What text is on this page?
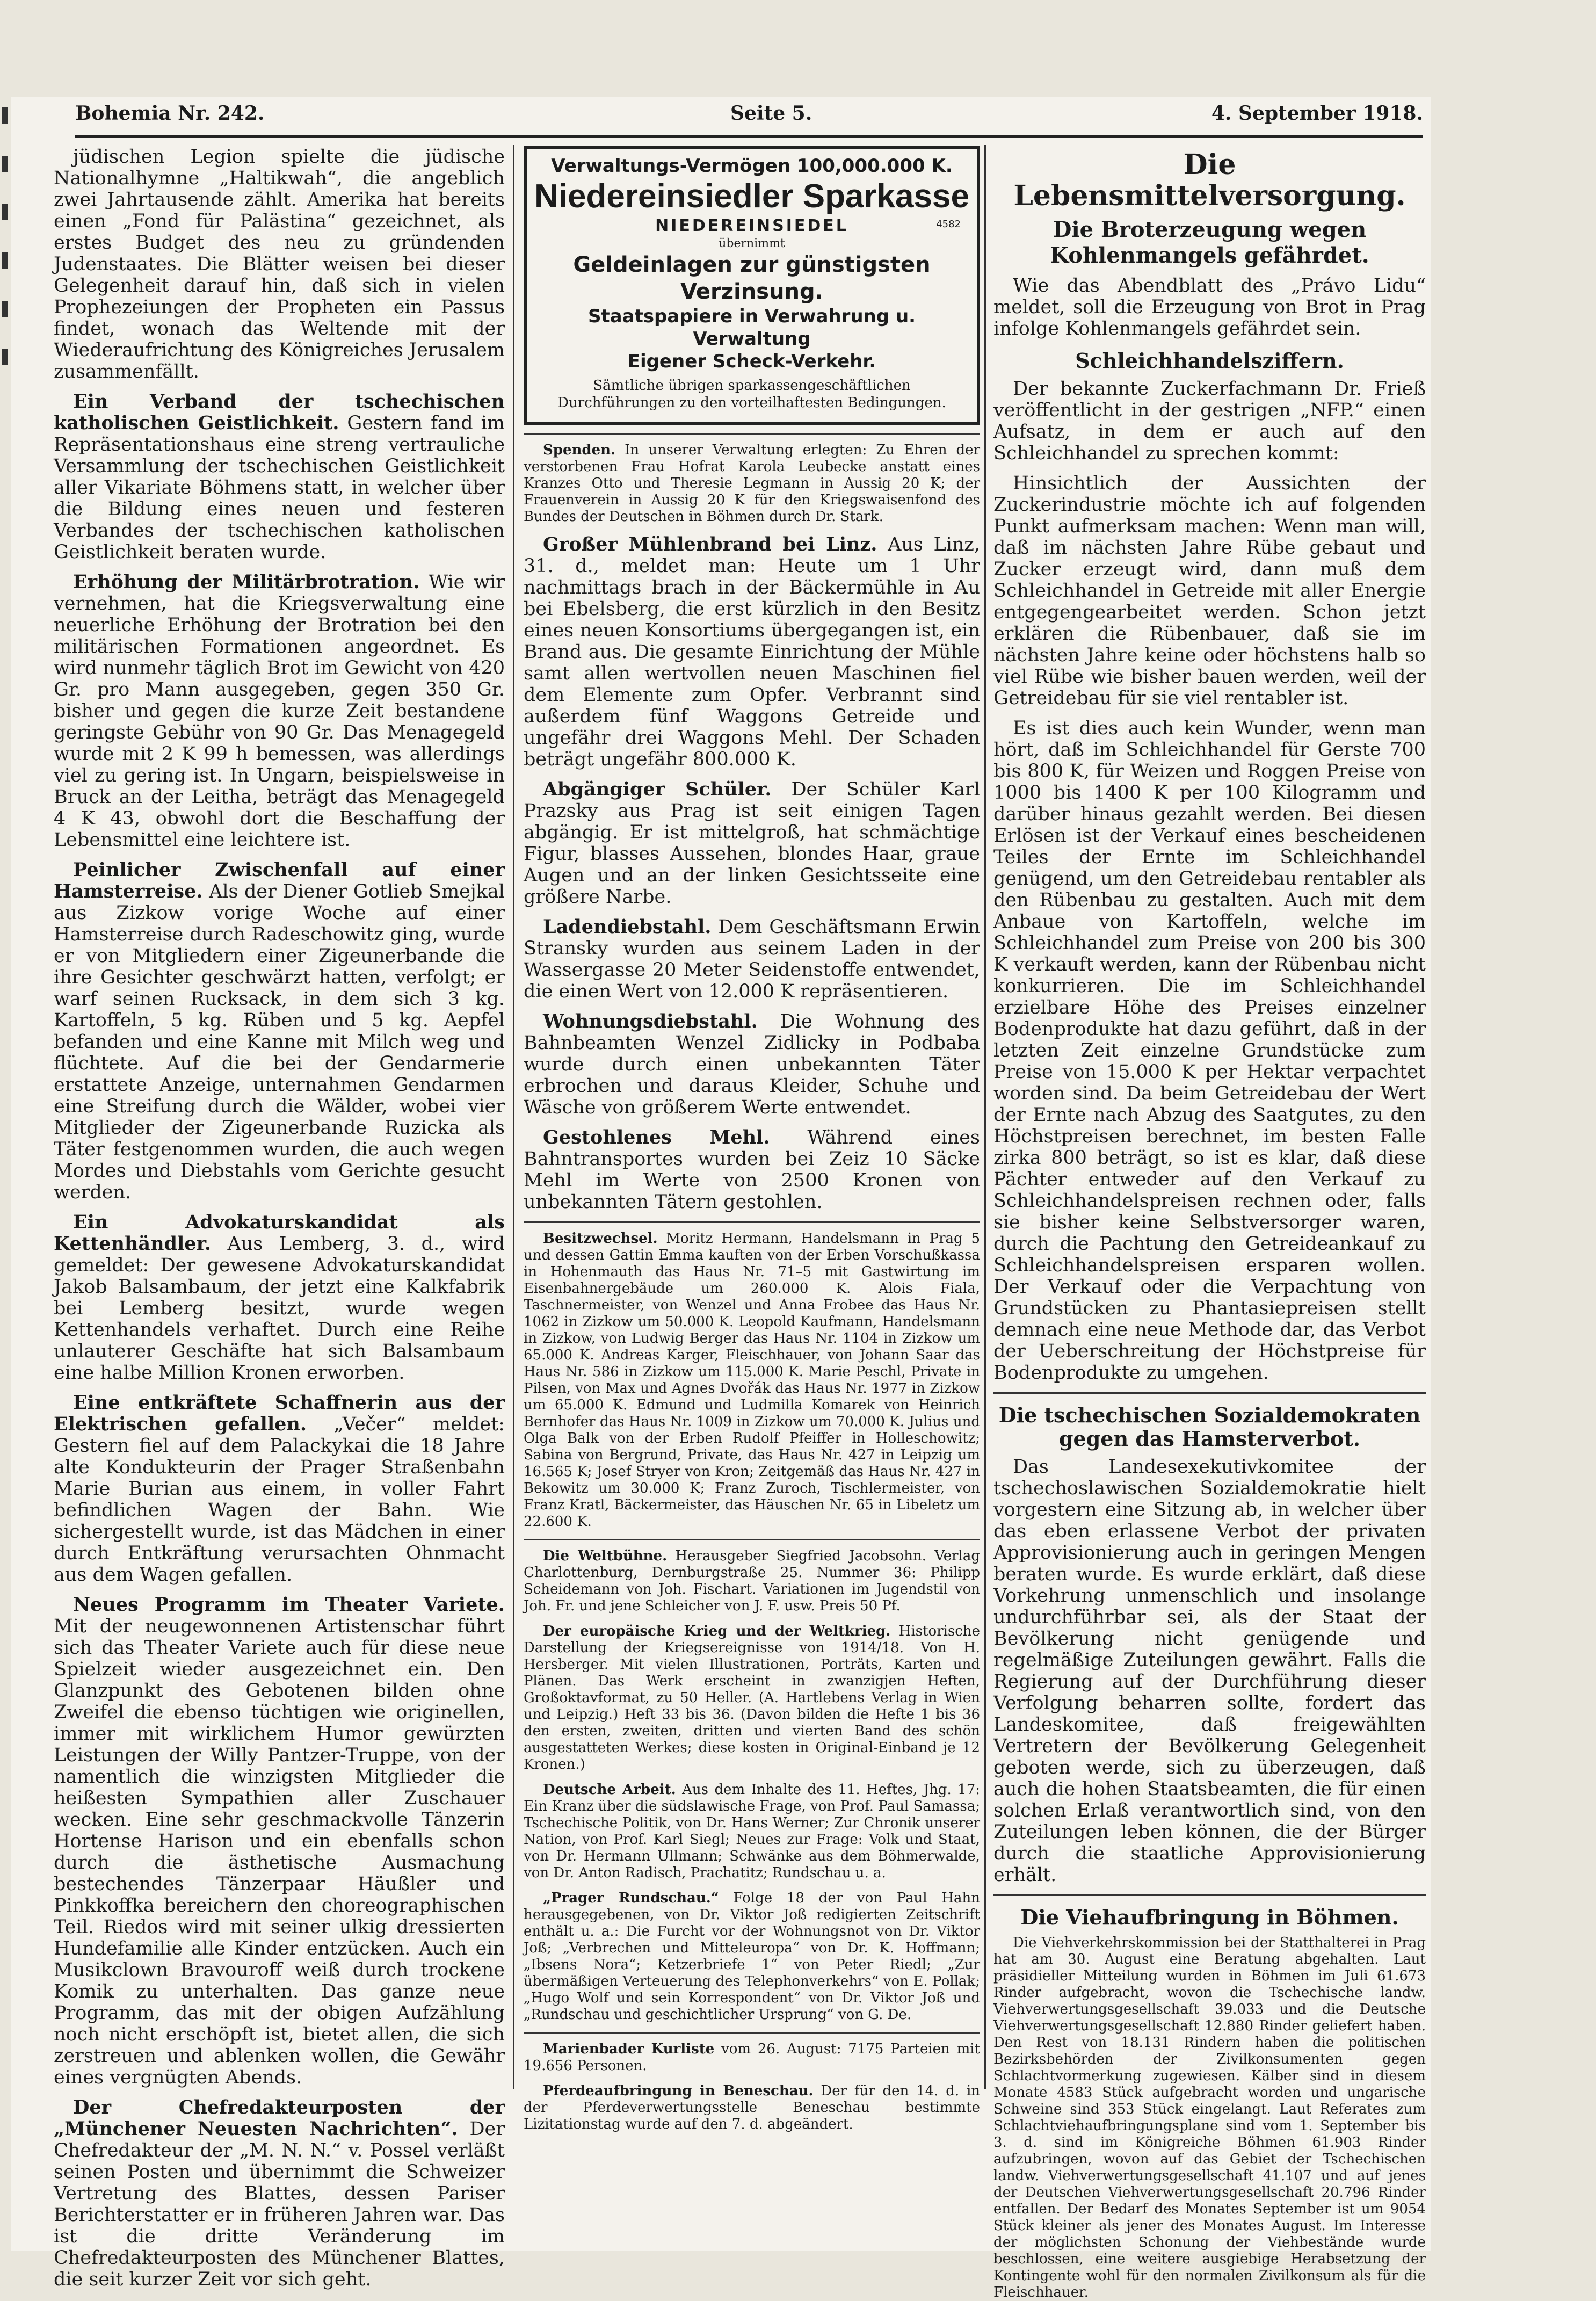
Bohemia Nr. 242.	Seite 5.	4. September 1918.

jüdischen Legion spielte die jüdische Nationalhymne „Haltikwah“, die angeblich zwei Jahrtausende zählt. Amerika hat bereits einen „Fond für Palästina“ gezeichnet, als erstes Budget des neu zu gründenden Judenstaates. Die Blätter weisen bei dieser Gelegenheit darauf hin, daß sich in vielen Prophezeiungen der Propheten ein Passus findet, wonach das Weltende mit der Wiederaufrichtung des Königreiches Jerusalem zusammenfällt.

Ein Verband der tschechischen katholischen Geistlichkeit. Gestern fand im Repräsentationshaus eine streng vertrauliche Versammlung der tschechischen Geistlichkeit aller Vikariate Böhmens statt, in welcher über die Bildung eines neuen und festeren Verbandes der tschechischen katholischen Geistlichkeit beraten wurde.

Erhöhung der Militärbrotration. Wie wir vernehmen, hat die Kriegsverwaltung eine neuerliche Erhöhung der Brotration bei den militärischen Formationen angeordnet. Es wird nunmehr täglich Brot im Gewicht von 420 Gr. pro Mann ausgegeben, gegen 350 Gr. bisher und gegen die kurze Zeit bestandene geringste Gebühr von 90 Gr. Das Menagegeld wurde mit 2 K 99 h bemessen, was allerdings viel zu gering ist. In Ungarn, beispielsweise in Bruck an der Leitha, beträgt das Menagegeld 4 K 43, obwohl dort die Beschaffung der Lebensmittel eine leichtere ist.

Peinlicher Zwischenfall auf einer Hamsterreise. Als der Diener Gotlieb Smejkal aus Zizkow vorige Woche auf einer Hamsterreise durch Radeschowitz ging, wurde er von Mitgliedern einer Zigeunerbande die ihre Gesichter geschwärzt hatten, verfolgt; er warf seinen Rucksack, in dem sich 3 kg. Kartoffeln, 5 kg. Rüben und 5 kg. Aepfel befanden und eine Kanne mit Milch weg und flüchtete. Auf die bei der Gendarmerie erstattete Anzeige, unternahmen Gendarmen eine Streifung durch die Wälder, wobei vier Mitglieder der Zigeunerbande Ruzicka als Täter festgenommen wurden, die auch wegen Mordes und Diebstahls vom Gerichte gesucht werden.

Ein Advokaturskandidat als Kettenhändler. Aus Lemberg, 3. d., wird gemeldet: Der gewesene Advokaturskandidat Jakob Balsambaum, der jetzt eine Kalkfabrik bei Lemberg besitzt, wurde wegen Kettenhandels verhaftet. Durch eine Reihe unlauterer Geschäfte hat sich Balsambaum eine halbe Million Kronen erworben.

Eine entkräftete Schaffnerin aus der Elektrischen gefallen. „Večer“ meldet: Gestern fiel auf dem Palackykai die 18 Jahre alte Kondukteurin der Prager Straßenbahn Marie Burian aus einem, in voller Fahrt befindlichen Wagen der Bahn. Wie sichergestellt wurde, ist das Mädchen in einer durch Entkräftung verursachten Ohnmacht aus dem Wagen gefallen.

Neues Programm im Theater Variete. Mit der neugewonnenen Artistenschar führt sich das Theater Variete auch für diese neue Spielzeit wieder ausgezeichnet ein. Den Glanzpunkt des Gebotenen bilden ohne Zweifel die ebenso tüchtigen wie originellen, immer mit wirklichem Humor gewürzten Leistungen der Willy Pantzer-Truppe, von der namentlich die winzigsten Mitglieder die heißesten Sympathien aller Zuschauer wecken. Eine sehr geschmackvolle Tänzerin Hortense Harison und ein ebenfalls schon durch die ästhetische Ausmachung bestechendes Tänzerpaar Häußler und Pinkkoffka bereichern den choreographischen Teil. Riedos wird mit seiner ulkig dressierten Hundefamilie alle Kinder entzücken. Auch ein Musikclown Bravouroff weiß durch trockene Komik zu unterhalten. Das ganze neue Programm, das mit der obigen Aufzählung noch nicht erschöpft ist, bietet allen, die sich zerstreuen und ablenken wollen, die Gewähr eines vergnügten Abends.

Der Chefredakteurposten der „Münchener Neuesten Nachrichten“. Der Chefredakteur der „M. N. N.“ v. Possel verläßt seinen Posten und übernimmt die Schweizer Vertretung des Blattes, dessen Pariser Berichterstatter er in früheren Jahren war. Das ist die dritte Veränderung im Chefredakteurposten des Münchener Blattes, die seit kurzer Zeit vor sich geht.

Verwaltungs-Vermögen 100,000.000 K.
Niedereinsiedler Sparkasse
NIEDEREINSIEDEL	4582
übernimmt
Geldeinlagen zur günstigsten Verzinsung.
Staatspapiere in Verwahrung u. Verwaltung
Eigener Scheck-Verkehr.
Sämtliche übrigen sparkassengeschäftlichen Durchführungen zu den vorteilhaftesten Bedingungen.

Spenden. In unserer Verwaltung erlegten: Zu Ehren der verstorbenen Frau Hofrat Karola Leubecke anstatt eines Kranzes Otto und Theresie Legmann in Aussig 20 K; der Frauenverein in Aussig 20 K für den Kriegswaisenfond des Bundes der Deutschen in Böhmen durch Dr. Stark.

Großer Mühlenbrand bei Linz. Aus Linz, 31. d., meldet man: Heute um 1 Uhr nachmittags brach in der Bäckermühle in Au bei Ebelsberg, die erst kürzlich in den Besitz eines neuen Konsortiums übergegangen ist, ein Brand aus. Die gesamte Einrichtung der Mühle samt allen wertvollen neuen Maschinen fiel dem Elemente zum Opfer. Verbrannt sind außerdem fünf Waggons Getreide und ungefähr drei Waggons Mehl. Der Schaden beträgt ungefähr 800.000 K.

Abgängiger Schüler. Der Schüler Karl Prazsky aus Prag ist seit einigen Tagen abgängig. Er ist mittelgroß, hat schmächtige Figur, blasses Aussehen, blondes Haar, graue Augen und an der linken Gesichtsseite eine größere Narbe.

Ladendiebstahl. Dem Geschäftsmann Erwin Stransky wurden aus seinem Laden in der Wassergasse 20 Meter Seidenstoffe entwendet, die einen Wert von 12.000 K repräsentieren.

Wohnungsdiebstahl. Die Wohnung des Bahnbeamten Wenzel Zidlicky in Podbaba wurde durch einen unbekannten Täter erbrochen und daraus Kleider, Schuhe und Wäsche von größerem Werte entwendet.

Gestohlenes Mehl. Während eines Bahntransportes wurden bei Zeiz 10 Säcke Mehl im Werte von 2500 Kronen von unbekannten Tätern gestohlen.

Besitzwechsel. Moritz Hermann, Handelsmann in Prag 5 und dessen Gattin Emma kauften von der Erben Vorschußkassa in Hohenmauth das Haus Nr. 71–5 mit Gastwirtung im Eisenbahnergebäude um 260.000 K. Alois Fiala, Taschnermeister, von Wenzel und Anna Frobee das Haus Nr. 1062 in Zizkow um 50.000 K. Leopold Kaufmann, Handelsmann in Zizkow, von Ludwig Berger das Haus Nr. 1104 in Zizkow um 65.000 K. Andreas Karger, Fleischhauer, von Johann Saar das Haus Nr. 586 in Zizkow um 115.000 K. Marie Peschl, Private in Pilsen, von Max und Agnes Dvořák das Haus Nr. 1977 in Zizkow um 65.000 K. Edmund und Ludmilla Komarek von Heinrich Bernhofer das Haus Nr. 1009 in Zizkow um 70.000 K. Julius und Olga Balk von der Erben Rudolf Pfeiffer in Holleschowitz; Sabina von Bergrund, Private, das Haus Nr. 427 in Leipzig um 16.565 K; Josef Stryer von Kron; Zeitgemäß das Haus Nr. 427 in Bekowitz um 30.000 K; Franz Zuroch, Tischlermeister, von Franz Kratl, Bäckermeister, das Häuschen Nr. 65 in Libeletz um 22.600 K.

Die Weltbühne. Herausgeber Siegfried Jacobsohn. Verlag Charlottenburg, Dernburgstraße 25. Nummer 36: Philipp Scheidemann von Joh. Fischart. Variationen im Jugendstil von Joh. Fr. und jene Schleicher von J. F. usw. Preis 50 Pf.

Der europäische Krieg und der Weltkrieg. Historische Darstellung der Kriegsereignisse von 1914/18. Von H. Hersberger. Mit vielen Illustrationen, Porträts, Karten und Plänen. Das Werk erscheint in zwanzigjen Heften, Großoktavformat, zu 50 Heller. (A. Hartlebens Verlag in Wien und Leipzig.) Heft 33 bis 36. (Davon bilden die Hefte 1 bis 36 den ersten, zweiten, dritten und vierten Band des schön ausgestatteten Werkes; diese kosten in Original-Einband je 12 Kronen.)

Deutsche Arbeit. Aus dem Inhalte des 11. Heftes, Jhg. 17: Ein Kranz über die südslawische Frage, von Prof. Paul Samassa; Tschechische Politik, von Dr. Hans Werner; Zur Chronik unserer Nation, von Prof. Karl Siegl; Neues zur Frage: Volk und Staat, von Dr. Hermann Ullmann; Schwänke aus dem Böhmerwalde, von Dr. Anton Radisch, Prachatitz; Rundschau u. a.

„Prager Rundschau.“ Folge 18 der von Paul Hahn herausgegebenen, von Dr. Viktor Joß redigierten Zeitschrift enthält u. a.: Die Furcht vor der Wohnungsnot von Dr. Viktor Joß; „Verbrechen und Mitteleuropa“ von Dr. K. Hoffmann; „Ibsens Nora“; Ketzerbriefe 1“ von Peter Riedl; „Zur übermäßigen Verteuerung des Telephonverkehrs“ von E. Pollak; „Hugo Wolf und sein Korrespondent“ von Dr. Viktor Joß und „Rundschau und geschichtlicher Ursprung“ von G. De.

Marienbader Kurliste vom 26. August: 7175 Parteien mit 19.656 Personen.

Pferdeaufbringung in Beneschau. Der für den 14. d. in der Pferdeverwertungsstelle Beneschau bestimmte Lizitationstag wurde auf den 7. d. abgeändert.

Die Lebensmittelversorgung.
Die Broterzeugung wegen Kohlenmangels gefährdet.

Wie das Abendblatt des „Právo Lidu“ meldet, soll die Erzeugung von Brot in Prag infolge Kohlenmangels gefährdet sein.

Schleichhandelsziffern.

Der bekannte Zuckerfachmann Dr. Frieß veröffentlicht in der gestrigen „NFP.“ einen Aufsatz, in dem er auch auf den Schleichhandel zu sprechen kommt:

Hinsichtlich der Aussichten der Zuckerindustrie möchte ich auf folgenden Punkt aufmerksam machen: Wenn man will, daß im nächsten Jahre Rübe gebaut und Zucker erzeugt wird, dann muß dem Schleichhandel in Getreide mit aller Energie entgegengearbeitet werden. Schon jetzt erklären die Rübenbauer, daß sie im nächsten Jahre keine oder höchstens halb so viel Rübe wie bisher bauen werden, weil der Getreidebau für sie viel rentabler ist.

Es ist dies auch kein Wunder, wenn man hört, daß im Schleichhandel für Gerste 700 bis 800 K, für Weizen und Roggen Preise von 1000 bis 1400 K per 100 Kilogramm und darüber hinaus gezahlt werden. Bei diesen Erlösen ist der Verkauf eines bescheidenen Teiles der Ernte im Schleichhandel genügend, um den Getreidebau rentabler als den Rübenbau zu gestalten. Auch mit dem Anbaue von Kartoffeln, welche im Schleichhandel zum Preise von 200 bis 300 K verkauft werden, kann der Rübenbau nicht konkurrieren. Die im Schleichhandel erzielbare Höhe des Preises einzelner Bodenprodukte hat dazu geführt, daß in der letzten Zeit einzelne Grundstücke zum Preise von 15.000 K per Hektar verpachtet worden sind. Da beim Getreidebau der Wert der Ernte nach Abzug des Saatgutes, zu den Höchstpreisen berechnet, im besten Falle zirka 800 beträgt, so ist es klar, daß diese Pächter entweder auf den Verkauf zu Schleichhandelspreisen rechnen oder, falls sie bisher keine Selbstversorger waren, durch die Pachtung den Getreideankauf zu Schleichhandelspreisen ersparen wollen. Der Verkauf oder die Verpachtung von Grundstücken zu Phantasiepreisen stellt demnach eine neue Methode dar, das Verbot der Ueberschreitung der Höchstpreise für Bodenprodukte zu umgehen.

Die tschechischen Sozialdemokraten gegen das Hamsterverbot.

Das Landesexekutivkomitee der tschechoslawischen Sozialdemokratie hielt vorgestern eine Sitzung ab, in welcher über das eben erlassene Verbot der privaten Approvisionierung auch in geringen Mengen beraten wurde. Es wurde erklärt, daß diese Vorkehrung unmenschlich und insolange undurchführbar sei, als der Staat der Bevölkerung nicht genügende und regelmäßige Zuteilungen gewährt. Falls die Regierung auf der Durchführung dieser Verfolgung beharren sollte, fordert das Landeskomitee, daß freigewählten Vertretern der Bevölkerung Gelegenheit geboten werde, sich zu überzeugen, daß auch die hohen Staatsbeamten, die für einen solchen Erlaß verantwortlich sind, von den Zuteilungen leben können, die der Bürger durch die staatliche Approvisionierung erhält.

Die Viehaufbringung in Böhmen.

Die Viehverkehrskommission bei der Statthalterei in Prag hat am 30. August eine Beratung abgehalten. Laut präsidieller Mitteilung wurden in Böhmen im Juli 61.673 Rinder aufgebracht, wovon die Tschechische landw. Viehverwertungsgesellschaft 39.033 und die Deutsche Viehverwertungsgesellschaft 12.880 Rinder geliefert haben. Den Rest von 18.131 Rindern haben die politischen Bezirksbehörden der Zivilkonsumenten gegen Schlachtvormerkung zugewiesen. Kälber sind in diesem Monate 4583 Stück aufgebracht worden und ungarische Schweine sind 353 Stück eingelangt. Laut Referates zum Schlachtviehaufbringungsplane sind vom 1. September bis 3. d. sind im Königreiche Böhmen 61.903 Rinder aufzubringen, wovon auf das Gebiet der Tschechischen landw. Viehverwertungsgesellschaft 41.107 und auf jenes der Deutschen Viehverwertungsgesellschaft 20.796 Rinder entfallen. Der Bedarf des Monates September ist um 9054 Stück kleiner als jener des Monates August. Im Interesse der möglichsten Schonung der Viehbestände wurde beschlossen, eine weitere ausgiebige Herabsetzung der Kontingente wohl für den normalen Zivilkonsum als für die Fleischhauer.
